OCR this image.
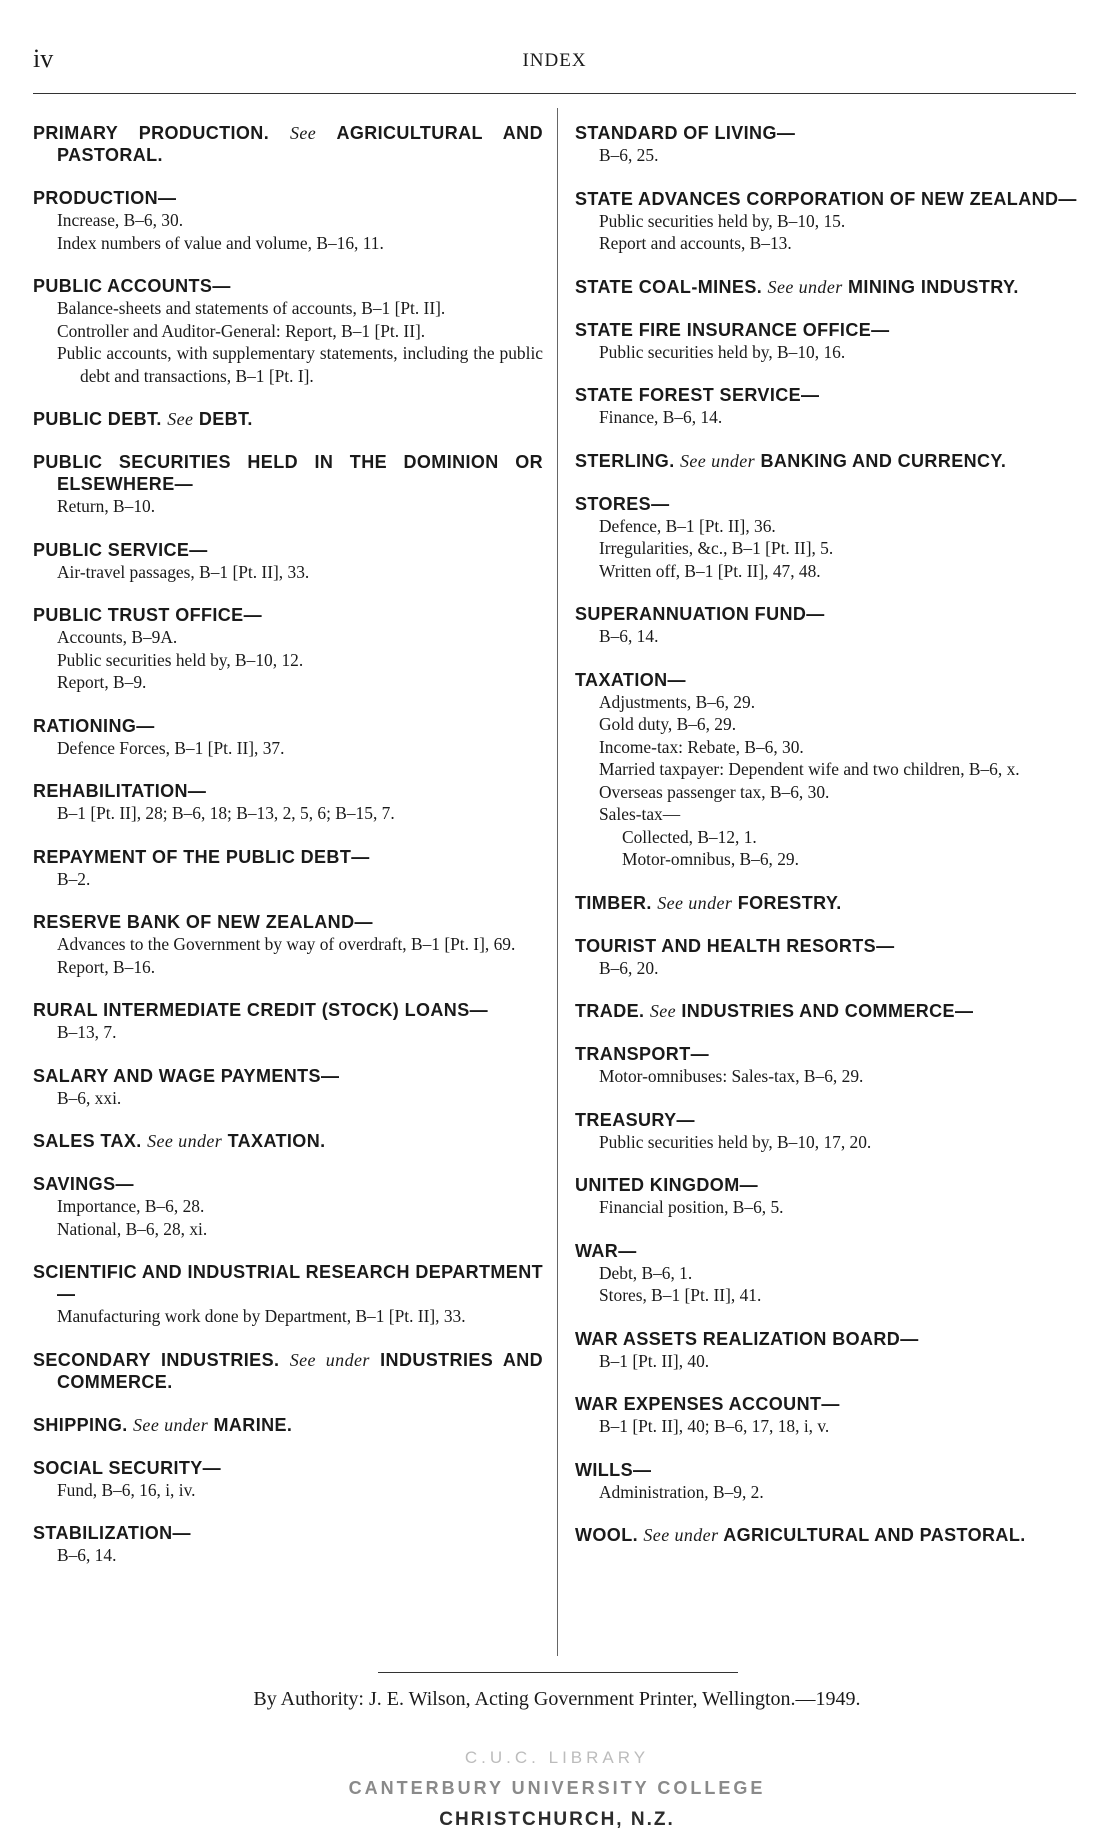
iv	INDEX
PRIMARY PRODUCTION. See AGRICULTURAL AND PASTORAL.
PRODUCTION—
Increase, B–6, 30.
Index numbers of value and volume, B–16, 11.
PUBLIC ACCOUNTS—
Balance-sheets and statements of accounts, B–1 [Pt. II].
Controller and Auditor-General: Report, B–1 [Pt. II].
Public accounts, with supplementary statements, including the public debt and transactions, B–1 [Pt. I].
PUBLIC DEBT. See DEBT.
PUBLIC SECURITIES HELD IN THE DOMINION OR ELSEWHERE—
Return, B–10.
PUBLIC SERVICE—
Air-travel passages, B–1 [Pt. II], 33.
PUBLIC TRUST OFFICE—
Accounts, B–9A.
Public securities held by, B–10, 12.
Report, B–9.
RATIONING—
Defence Forces, B–1 [Pt. II], 37.
REHABILITATION—
B–1 [Pt. II], 28; B–6, 18; B–13, 2, 5, 6; B–15, 7.
REPAYMENT OF THE PUBLIC DEBT—
B–2.
RESERVE BANK OF NEW ZEALAND—
Advances to the Government by way of overdraft, B–1 [Pt. I], 69.
Report, B–16.
RURAL INTERMEDIATE CREDIT (STOCK) LOANS—
B–13, 7.
SALARY AND WAGE PAYMENTS—
B–6, xxi.
SALES TAX. See under TAXATION.
SAVINGS—
Importance, B–6, 28.
National, B–6, 28, xi.
SCIENTIFIC AND INDUSTRIAL RESEARCH DEPARTMENT—
Manufacturing work done by Department, B–1 [Pt. II], 33.
SECONDARY INDUSTRIES. See under INDUSTRIES AND COMMERCE.
SHIPPING. See under MARINE.
SOCIAL SECURITY—
Fund, B–6, 16, i, iv.
STABILIZATION—
B–6, 14.
STANDARD OF LIVING—
B–6, 25.
STATE ADVANCES CORPORATION OF NEW ZEALAND—
Public securities held by, B–10, 15.
Report and accounts, B–13.
STATE COAL-MINES. See under MINING INDUSTRY.
STATE FIRE INSURANCE OFFICE—
Public securities held by, B–10, 16.
STATE FOREST SERVICE—
Finance, B–6, 14.
STERLING. See under BANKING AND CURRENCY.
STORES—
Defence, B–1 [Pt. II], 36.
Irregularities, &c., B–1 [Pt. II], 5.
Written off, B–1 [Pt. II], 47, 48.
SUPERANNUATION FUND—
B–6, 14.
TAXATION—
Adjustments, B–6, 29.
Gold duty, B–6, 29.
Income-tax: Rebate, B–6, 30.
Married taxpayer: Dependent wife and two children, B–6, x.
Overseas passenger tax, B–6, 30.
Sales-tax—
Collected, B–12, 1.
Motor-omnibus, B–6, 29.
TIMBER. See under FORESTRY.
TOURIST AND HEALTH RESORTS—
B–6, 20.
TRADE. See INDUSTRIES AND COMMERCE—
TRANSPORT—
Motor-omnibuses: Sales-tax, B–6, 29.
TREASURY—
Public securities held by, B–10, 17, 20.
UNITED KINGDOM—
Financial position, B–6, 5.
WAR—
Debt, B–6, 1.
Stores, B–1 [Pt. II], 41.
WAR ASSETS REALIZATION BOARD—
B–1 [Pt. II], 40.
WAR EXPENSES ACCOUNT—
B–1 [Pt. II], 40; B–6, 17, 18, i, v.
WILLS—
Administration, B–9, 2.
WOOL. See under AGRICULTURAL AND PASTORAL.
By Authority: J. E. Wilson, Acting Government Printer, Wellington.—1949.
C.U.C. LIBRARY
CANTERBURY UNIVERSITY COLLEGE
CHRISTCHURCH, N.Z.
